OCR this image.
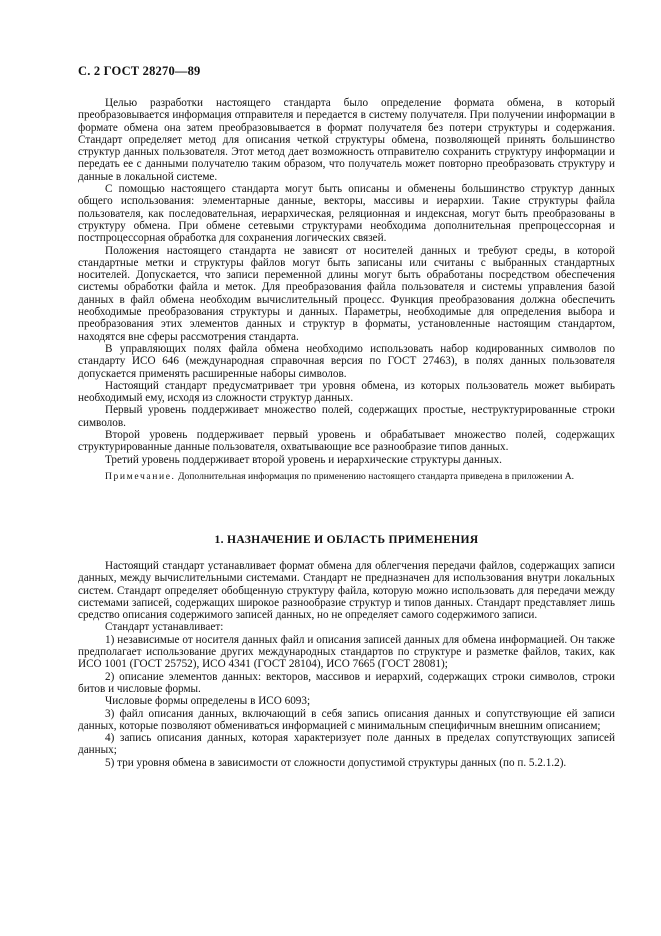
С. 2 ГОСТ 28270—89

Целью разработки настоящего стандарта было определение формата обмена, в который преобразовывается информация отправителя и передается в систему получателя. При получении информации в формате обмена она затем преобразовывается в формат получателя без потери структуры и содержания. Стандарт определяет метод для описания четкой структуры обмена, позволяющей принять большинство структур данных пользователя. Этот метод дает возможность отправителю сохранить структуру информации и передать ее с данными получателю таким образом, что получатель может повторно преобразовать структуру и данные в локальной системе.

С помощью настоящего стандарта могут быть описаны и обменены большинство структур данных общего использования: элементарные данные, векторы, массивы и иерархии. Такие структуры файла пользователя, как последовательная, иерархическая, реляционная и индексная, могут быть преобразованы в структуру обмена. При обмене сетевыми структурами необходима дополнительная препроцессорная и постпроцессорная обработка для сохранения логических связей.

Положения настоящего стандарта не зависят от носителей данных и требуют среды, в которой стандартные метки и структуры файлов могут быть записаны или считаны с выбранных стандартных носителей. Допускается, что записи переменной длины могут быть обработаны посредством обеспечения системы обработки файла и меток. Для преобразования файла пользователя и системы управления базой данных в файл обмена необходим вычислительный процесс. Функция преобразования должна обеспечить необходимые преобразования структуры и данных. Параметры, необходимые для определения выбора и преобразования этих элементов данных и структур в форматы, установленные настоящим стандартом, находятся вне сферы рассмотрения стандарта.

В управляющих полях файла обмена необходимо использовать набор кодированных символов по стандарту ИСО 646 (международная справочная версия по ГОСТ 27463), в полях данных пользователя допускается применять расширенные наборы символов.

Настоящий стандарт предусматривает три уровня обмена, из которых пользователь может выбирать необходимый ему, исходя из сложности структур данных.

Первый уровень поддерживает множество полей, содержащих простые, неструктурированные строки символов.

Второй уровень поддерживает первый уровень и обрабатывает множество полей, содержащих структурированные данные пользователя, охватывающие все разнообразие типов данных.

Третий уровень поддерживает второй уровень и иерархические структуры данных.

Примечание. Дополнительная информация по применению настоящего стандарта приведена в приложении А.

1. НАЗНАЧЕНИЕ И ОБЛАСТЬ ПРИМЕНЕНИЯ

Настоящий стандарт устанавливает формат обмена для облегчения передачи файлов, содержащих записи данных, между вычислительными системами. Стандарт не предназначен для использования внутри локальных систем. Стандарт определяет обобщенную структуру файла, которую можно использовать для передачи между системами записей, содержащих широкое разнообразие структур и типов данных. Стандарт представляет лишь средство описания содержимого записей данных, но не определяет самого содержимого записи.

Стандарт устанавливает:

1) независимые от носителя данных файл и описания записей данных для обмена информацией. Он также предполагает использование других международных стандартов по структуре и разметке файлов, таких, как ИСО 1001 (ГОСТ 25752), ИСО 4341 (ГОСТ 28104), ИСО 7665 (ГОСТ 28081);

2) описание элементов данных: векторов, массивов и иерархий, содержащих строки символов, строки битов и числовые формы.

Числовые формы определены в ИСО 6093;

3) файл описания данных, включающий в себя запись описания данных и сопутствующие ей записи данных, которые позволяют обмениваться информацией с минимальным специфичным внешним описанием;

4) запись описания данных, которая характеризует поле данных в пределах сопутствующих записей данных;

5) три уровня обмена в зависимости от сложности допустимой структуры данных (по п. 5.2.1.2).
